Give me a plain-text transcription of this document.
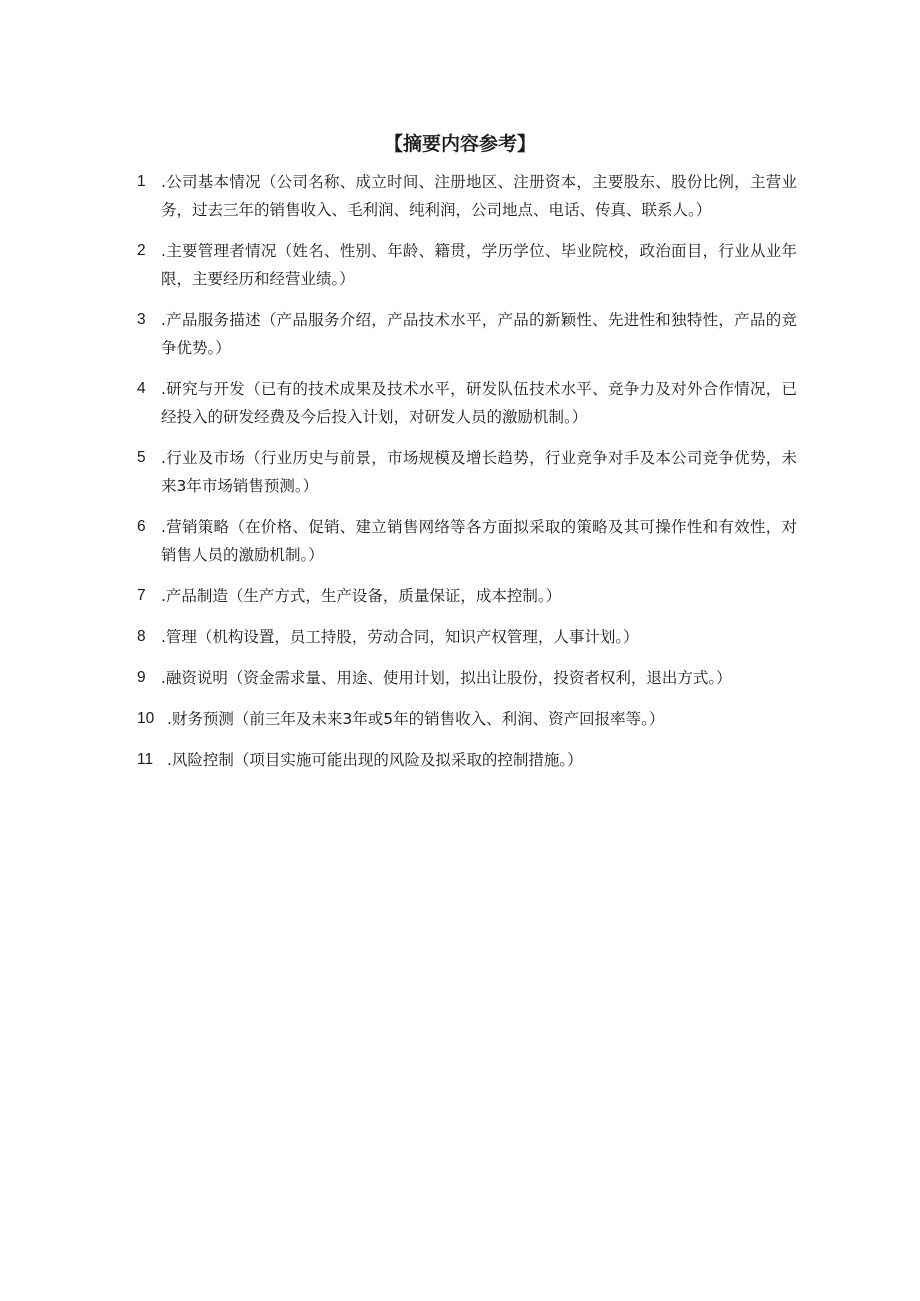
【摘要内容参考】
1 .公司基本情况（公司名称、成立时间、注册地区、注册资本，主要股东、股份比例，主营业务，过去三年的销售收入、毛利润、纯利润，公司地点、电话、传真、联系人。）
2 .主要管理者情况（姓名、性别、年龄、籍贯，学历学位、毕业院校，政治面目，行业从业年限，主要经历和经营业绩。）
3 .产品服务描述（产品服务介绍，产品技术水平，产品的新颖性、先进性和独特性，产品的竞争优势。）
4 .研究与开发（已有的技术成果及技术水平，研发队伍技术水平、竞争力及对外合作情况，已经投入的研发经费及今后投入计划，对研发人员的激励机制。）
5 .行业及市场（行业历史与前景，市场规模及增长趋势，行业竞争对手及本公司竞争优势，未来3年市场销售预测。）
6 .营销策略（在价格、促销、建立销售网络等各方面拟采取的策略及其可操作性和有效性，对销售人员的激励机制。）
7 .产品制造（生产方式，生产设备，质量保证，成本控制。）
8 .管理（机构设置，员工持股，劳动合同，知识产权管理，人事计划。）
9 .融资说明（资金需求量、用途、使用计划，拟出让股份，投资者权利，退出方式。）
10 .财务预测（前三年及未来3年或5年的销售收入、利润、资产回报率等。）
11 .风险控制（项目实施可能出现的风险及拟采取的控制措施。）
